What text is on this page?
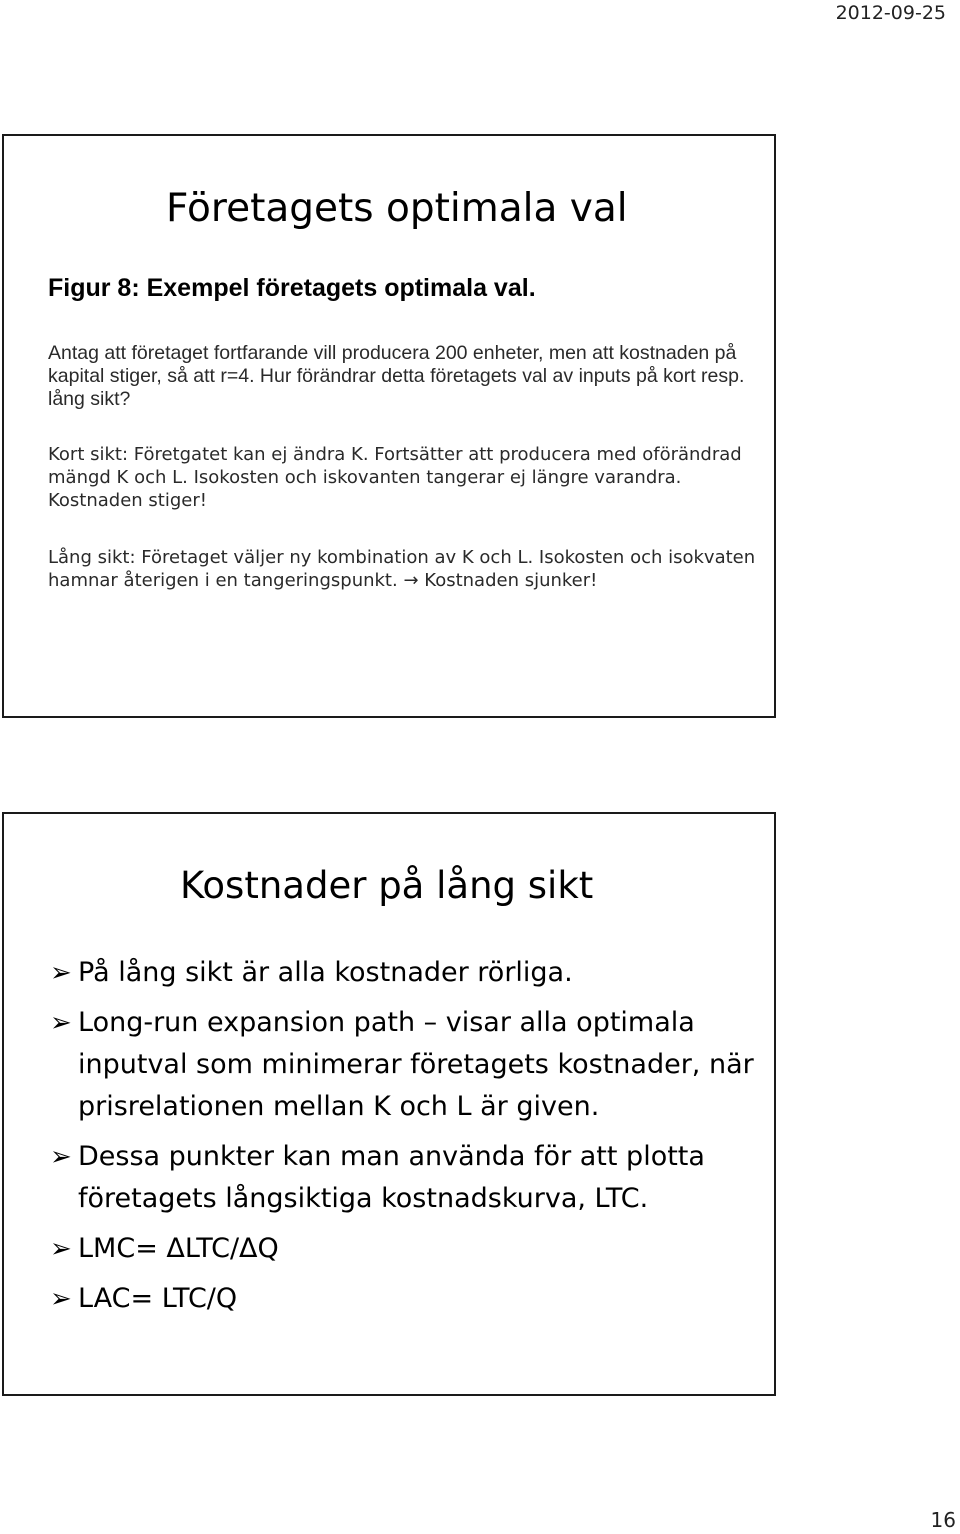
2012-09-25
Företagets optimala val
Figur 8: Exempel företagets optimala val.
Antag att företaget fortfarande vill producera 200 enheter, men att kostnaden på kapital stiger, så att r=4. Hur förändrar detta företagets val av inputs på kort resp. lång sikt?
Kort sikt: Företgatet kan ej ändra K. Fortsätter att producera med oförändrad mängd K och L. Isokosten och iskovanten tangerar ej längre varandra. Kostnaden stiger!
Lång sikt: Företaget väljer ny kombination av K och L. Isokosten och isokvaten hamnar återigen i en tangeringspunkt. → Kostnaden sjunker!
Kostnader på lång sikt
➢ På lång sikt är alla kostnader rörliga.
➢ Long-run expansion path – visar alla optimala inputval som minimerar företagets kostnader, när prisrelationen mellan K och L är given.
➢ Dessa punkter kan man använda för att plotta företagets långsiktiga kostnadskurva, LTC.
➢ LMC= ΔLTC/ΔQ
➢ LAC= LTC/Q
16
